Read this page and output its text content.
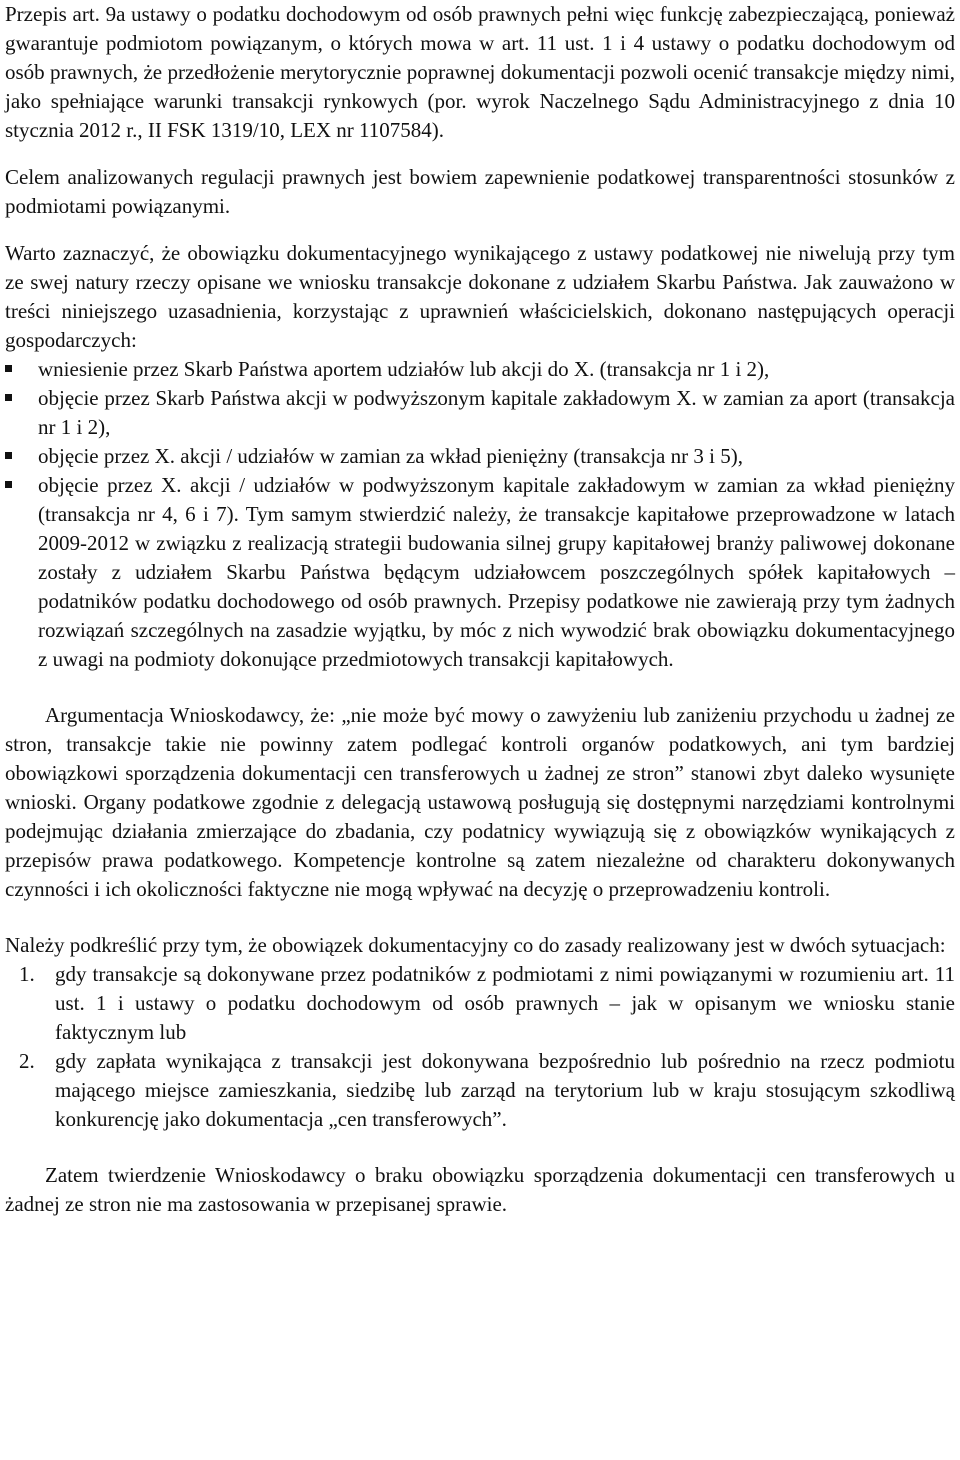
Przepis art. 9a ustawy o podatku dochodowym od osób prawnych pełni więc funkcję zabezpieczającą, ponieważ gwarantuje podmiotom powiązanym, o których mowa w art. 11 ust. 1 i 4 ustawy o podatku dochodowym od osób prawnych, że przedłożenie merytorycznie poprawnej dokumentacji pozwoli ocenić transakcje między nimi, jako spełniające warunki transakcji rynkowych (por. wyrok Naczelnego Sądu Administracyjnego z dnia 10 stycznia 2012 r., II FSK 1319/10, LEX nr 1107584).

Celem analizowanych regulacji prawnych jest bowiem zapewnienie podatkowej transparentności stosunków z podmiotami powiązanymi.

Warto zaznaczyć, że obowiązku dokumentacyjnego wynikającego z ustawy podatkowej nie niwelują przy tym ze swej natury rzeczy opisane we wniosku transakcje dokonane z udziałem Skarbu Państwa. Jak zauważono w treści niniejszego uzasadnienia, korzystając z uprawnień właścicielskich, dokonano następujących operacji gospodarczych:

wniesienie przez Skarb Państwa aportem udziałów lub akcji do X. (transakcja nr 1 i 2),
objęcie przez Skarb Państwa akcji w podwyższonym kapitale zakładowym X. w zamian za aport (transakcja nr 1 i 2),
objęcie przez X. akcji / udziałów w zamian za wkład pieniężny (transakcja nr 3 i 5),
objęcie przez X. akcji / udziałów w podwyższonym kapitale zakładowym w zamian za wkład pieniężny (transakcja nr 4, 6 i 7). Tym samym stwierdzić należy, że transakcje kapitałowe przeprowadzone w latach 2009-2012 w związku z realizacją strategii budowania silnej grupy kapitałowej branży paliwowej dokonane zostały z udziałem Skarbu Państwa będącym udziałowcem poszczególnych spółek kapitałowych – podatników podatku dochodowego od osób prawnych. Przepisy podatkowe nie zawierają przy tym żadnych rozwiązań szczególnych na zasadzie wyjątku, by móc z nich wywodzić brak obowiązku dokumentacyjnego z uwagi na podmioty dokonujące przedmiotowych transakcji kapitałowych.

Argumentacja Wnioskodawcy, że: „nie może być mowy o zawyżeniu lub zaniżeniu przychodu u żadnej ze stron, transakcje takie nie powinny zatem podlegać kontroli organów podatkowych, ani tym bardziej obowiązkowi sporządzenia dokumentacji cen transferowych u żadnej ze stron” stanowi zbyt daleko wysunięte wnioski. Organy podatkowe zgodnie z delegacją ustawową posługują się dostępnymi narzędziami kontrolnymi podejmując działania zmierzające do zbadania, czy podatnicy wywiązują się z obowiązków wynikających z przepisów prawa podatkowego. Kompetencje kontrolne są zatem niezależne od charakteru dokonywanych czynności i ich okoliczności faktyczne nie mogą wpływać na decyzję o przeprowadzeniu kontroli.

Należy podkreślić przy tym, że obowiązek dokumentacyjny co do zasady realizowany jest w dwóch sytuacjach:

1. gdy transakcje są dokonywane przez podatników z podmiotami z nimi powiązanymi w rozumieniu art. 11 ust. 1 i ustawy o podatku dochodowym od osób prawnych – jak w opisanym we wniosku stanie faktycznym lub
2. gdy zapłata wynikająca z transakcji jest dokonywana bezpośrednio lub pośrednio na rzecz podmiotu mającego miejsce zamieszkania, siedzibę lub zarząd na terytorium lub w kraju stosującym szkodliwą konkurencję jako dokumentacja „cen transferowych”.

Zatem twierdzenie Wnioskodawcy o braku obowiązku sporządzenia dokumentacji cen transferowych u żadnej ze stron nie ma zastosowania w przepisanej sprawie.
